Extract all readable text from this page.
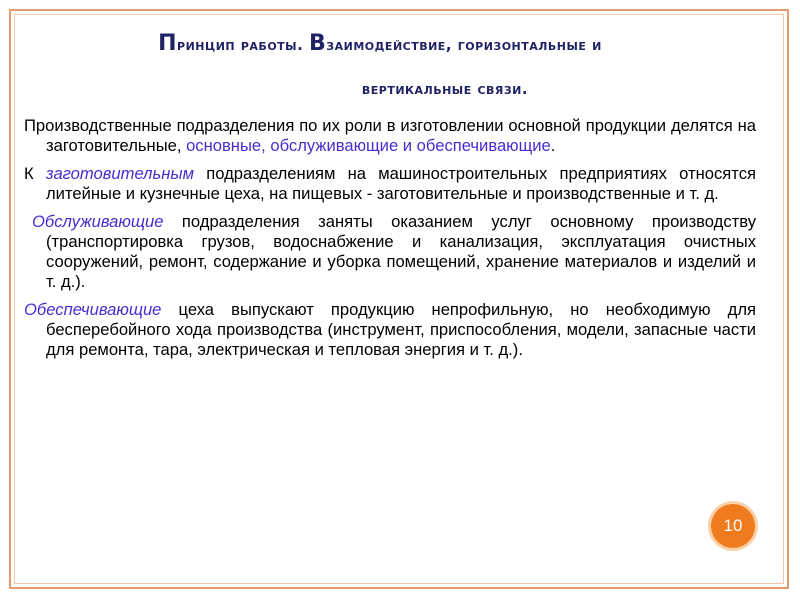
Принцип работы. Взаимодействие, горизонтальные и
вертикальные связи.

Производственные подразделения по их роли в изготовлении основной продукции делятся на заготовительные, основные, обслуживающие и обеспечивающие.

К заготовительным подразделениям на машиностроительных предприятиях относятся литейные и кузнечные цеха, на пищевых - заготовительные и производственные и т. д.

Обслуживающие подразделения заняты оказанием услуг основному производству (транспортировка грузов, водоснабжение и канализация, эксплуатация очистных сооружений, ремонт, содержание и уборка помещений, хранение материалов и изделий и т. д.).

Обеспечивающие цеха выпускают продукцию непрофильную, но необходимую для бесперебойного хода производства (инструмент, приспособления, модели, запасные части для ремонта, тара, электрическая и тепловая энергия и т. д.).

10
